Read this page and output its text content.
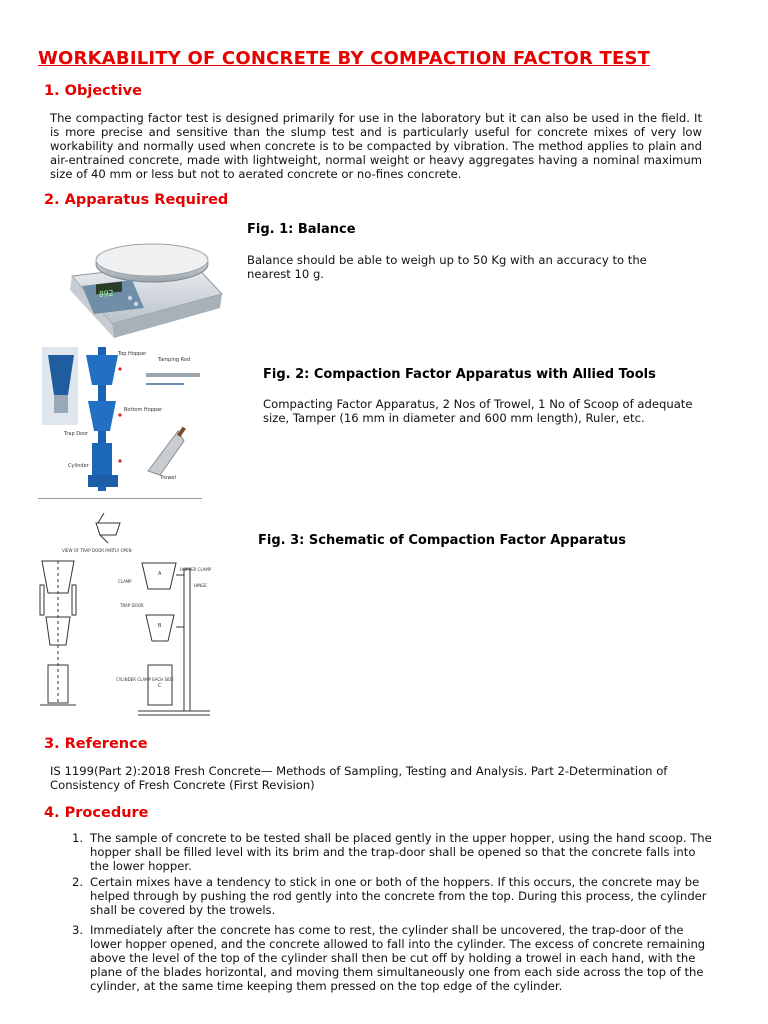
WORKABILITY OF CONCRETE BY COMPACTION FACTOR TEST
1. Objective
The compacting factor test is designed primarily for use in the laboratory but it can also be used in the field. It is more precise and sensitive than the slump test and is particularly useful for concrete mixes of very low workability and normally used when concrete is to be compacted by vibration. The method applies to plain and air-entrained concrete, made with lightweight, normal weight or heavy aggregates having a nominal maximum size of 40 mm or less but not to aerated concrete or no-fines concrete.
2. Apparatus Required
892
Fig. 1: Balance
Balance should be able to weigh up to 50 Kg with an accuracy to the nearest 10 g.
Top Hopper
Tamping Rod
Bottom Hopper
Trap Door
Cylinder
Trowel
Fig. 2: Compaction Factor Apparatus with Allied Tools
Compacting Factor Apparatus, 2 Nos of Trowel, 1 No of Scoop of adequate size, Tamper (16 mm in diameter and 600 mm length), Ruler, etc.
VIEW OF TRAP DOOR PARTLY OPEN
A
B
C
HOPPER CLAMP
CLAMP
HINGE
TRAP DOOR
CYLINDER CLAMP EACH SIDE
Fig. 3: Schematic of Compaction Factor Apparatus
3. Reference
IS 1199(Part 2):2018 Fresh Concrete— Methods of Sampling, Testing and Analysis. Part 2-Determination of Consistency of Fresh Concrete (First Revision)
4. Procedure
1. The sample of concrete to be tested shall be placed gently in the upper hopper, using the hand scoop. The hopper shall be filled level with its brim and the trap-door shall be opened so that the concrete falls into the lower hopper.
2. Certain mixes have a tendency to stick in one or both of the hoppers. If this occurs, the concrete may be helped through by pushing the rod gently into the concrete from the top. During this process, the cylinder shall be covered by the trowels.
3. Immediately after the concrete has come to rest, the cylinder shall be uncovered, the trap-door of the lower hopper opened, and the concrete allowed to fall into the cylinder. The excess of concrete remaining above the level of the top of the cylinder shall then be cut off by holding a trowel in each hand, with the plane of the blades horizontal, and moving them simultaneously one from each side across the top of the cylinder, at the same time keeping them pressed on the top edge of the cylinder.
